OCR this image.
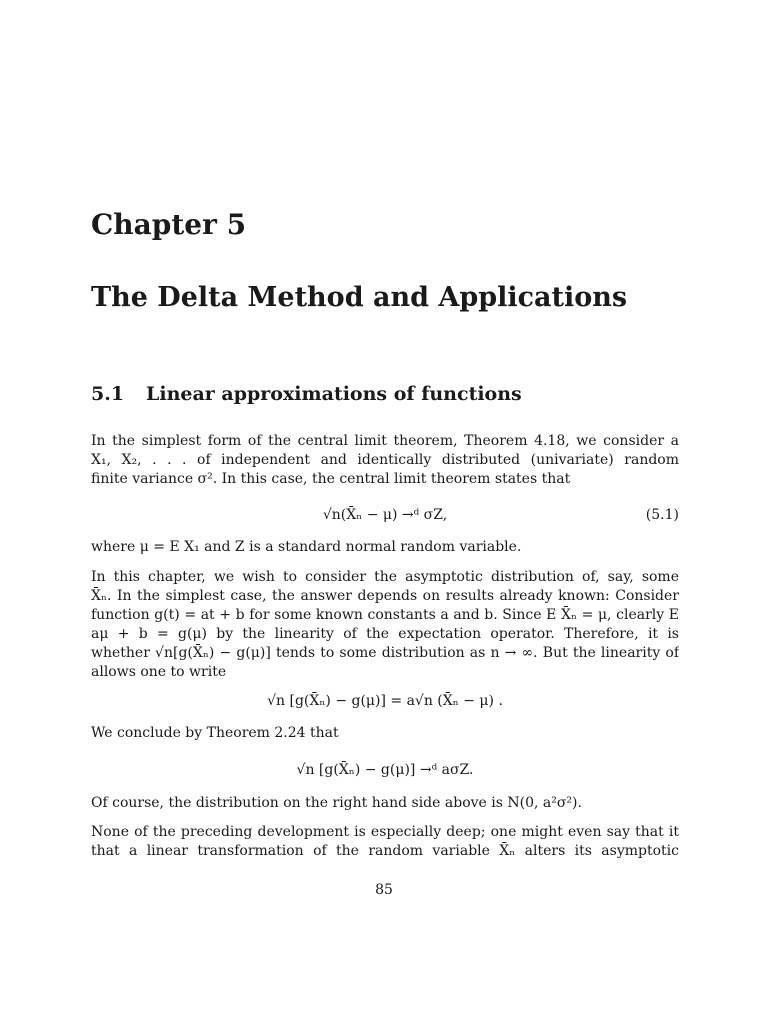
Chapter 5
The Delta Method and Applications
5.1 Linear approximations of functions
In the simplest form of the central limit theorem, Theorem 4.18, we consider a
X₁, X₂, . . . of independent and identically distributed (univariate) random
finite variance σ². In this case, the central limit theorem states that
√n(X̄ₙ − μ) →ᵈ σZ,	(5.1)
where μ = E X₁ and Z is a standard normal random variable.
In this chapter, we wish to consider the asymptotic distribution of, say, some
X̄ₙ. In the simplest case, the answer depends on results already known: Consider
function g(t) = at + b for some known constants a and b. Since E X̄ₙ = μ, clearly E
aμ + b = g(μ) by the linearity of the expectation operator. Therefore, it is
whether √n[g(X̄ₙ) − g(μ)] tends to some distribution as n → ∞. But the linearity of
allows one to write
√n [g(X̄ₙ) − g(μ)] = a√n (X̄ₙ − μ) .
We conclude by Theorem 2.24 that
√n [g(X̄ₙ) − g(μ)] →ᵈ aσZ.
Of course, the distribution on the right hand side above is N(0, a²σ²).
None of the preceding development is especially deep; one might even say that it
that a linear transformation of the random variable X̄ₙ alters its asymptotic
85
